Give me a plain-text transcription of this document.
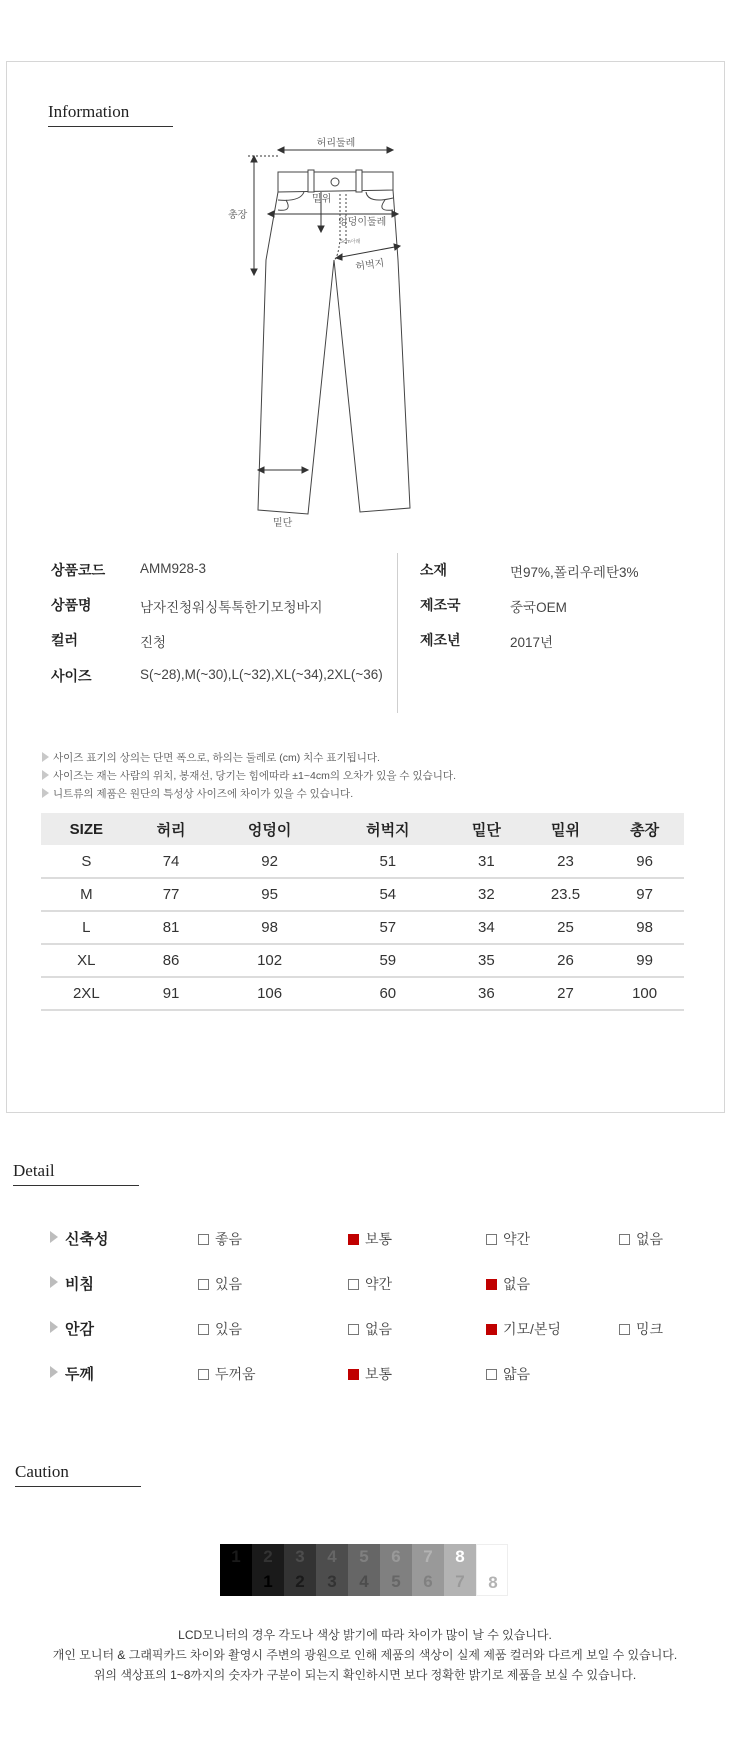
Information
허리둘레
총장
밑위
엉덩이둘레
5cm아래
허벅지
밑단
상품코드	AMM928-3
상품명	남자진청워싱톡톡한기모청바지
컬러	진청
사이즈	S(~28),M(~30),L(~32),XL(~34),2XL(~36)
소재	면97%,폴리우레탄3%
제조국	중국OEM
제조년	2017년
사이즈 표기의 상의는 단면 폭으로, 하의는 둘레로 (cm) 치수 표기됩니다.
사이즈는 재는 사람의 위치, 봉재선, 당기는 힘에따라 ±1~4cm의 오차가 있을 수 있습니다.
니트류의 제품은 원단의 특성상 사이즈에 차이가 있을 수 있습니다.
SIZE	허리	엉덩이	허벅지	밑단	밑위	총장
S	74	92	51	31	23	96
M	77	95	54	32	23.5	97
L	81	98	57	34	25	98
XL	86	102	59	35	26	99
2XL	91	106	60	36	27	100
Detail
신축성	좋음	보통	약간	없음
비침	있음	약간	없음
안감	있음	없음	기모/본딩	밍크
두께	두꺼움	보통	얇음
Caution
1	2
1
3
2
4
3
5
4
6
5
7
6
8
7	8
LCD모니터의 경우 각도나 색상 밝기에 따라 차이가 많이 날 수 있습니다.
개인 모니터 & 그래픽카드 차이와 촬영시 주변의 광원으로 인해 제품의 색상이 실제 제품 컬러와 다르게 보일 수 있습니다.
위의 색상표의 1~8까지의 숫자가 구분이 되는지 확인하시면 보다 정확한 밝기로 제품을 보실 수 있습니다.
